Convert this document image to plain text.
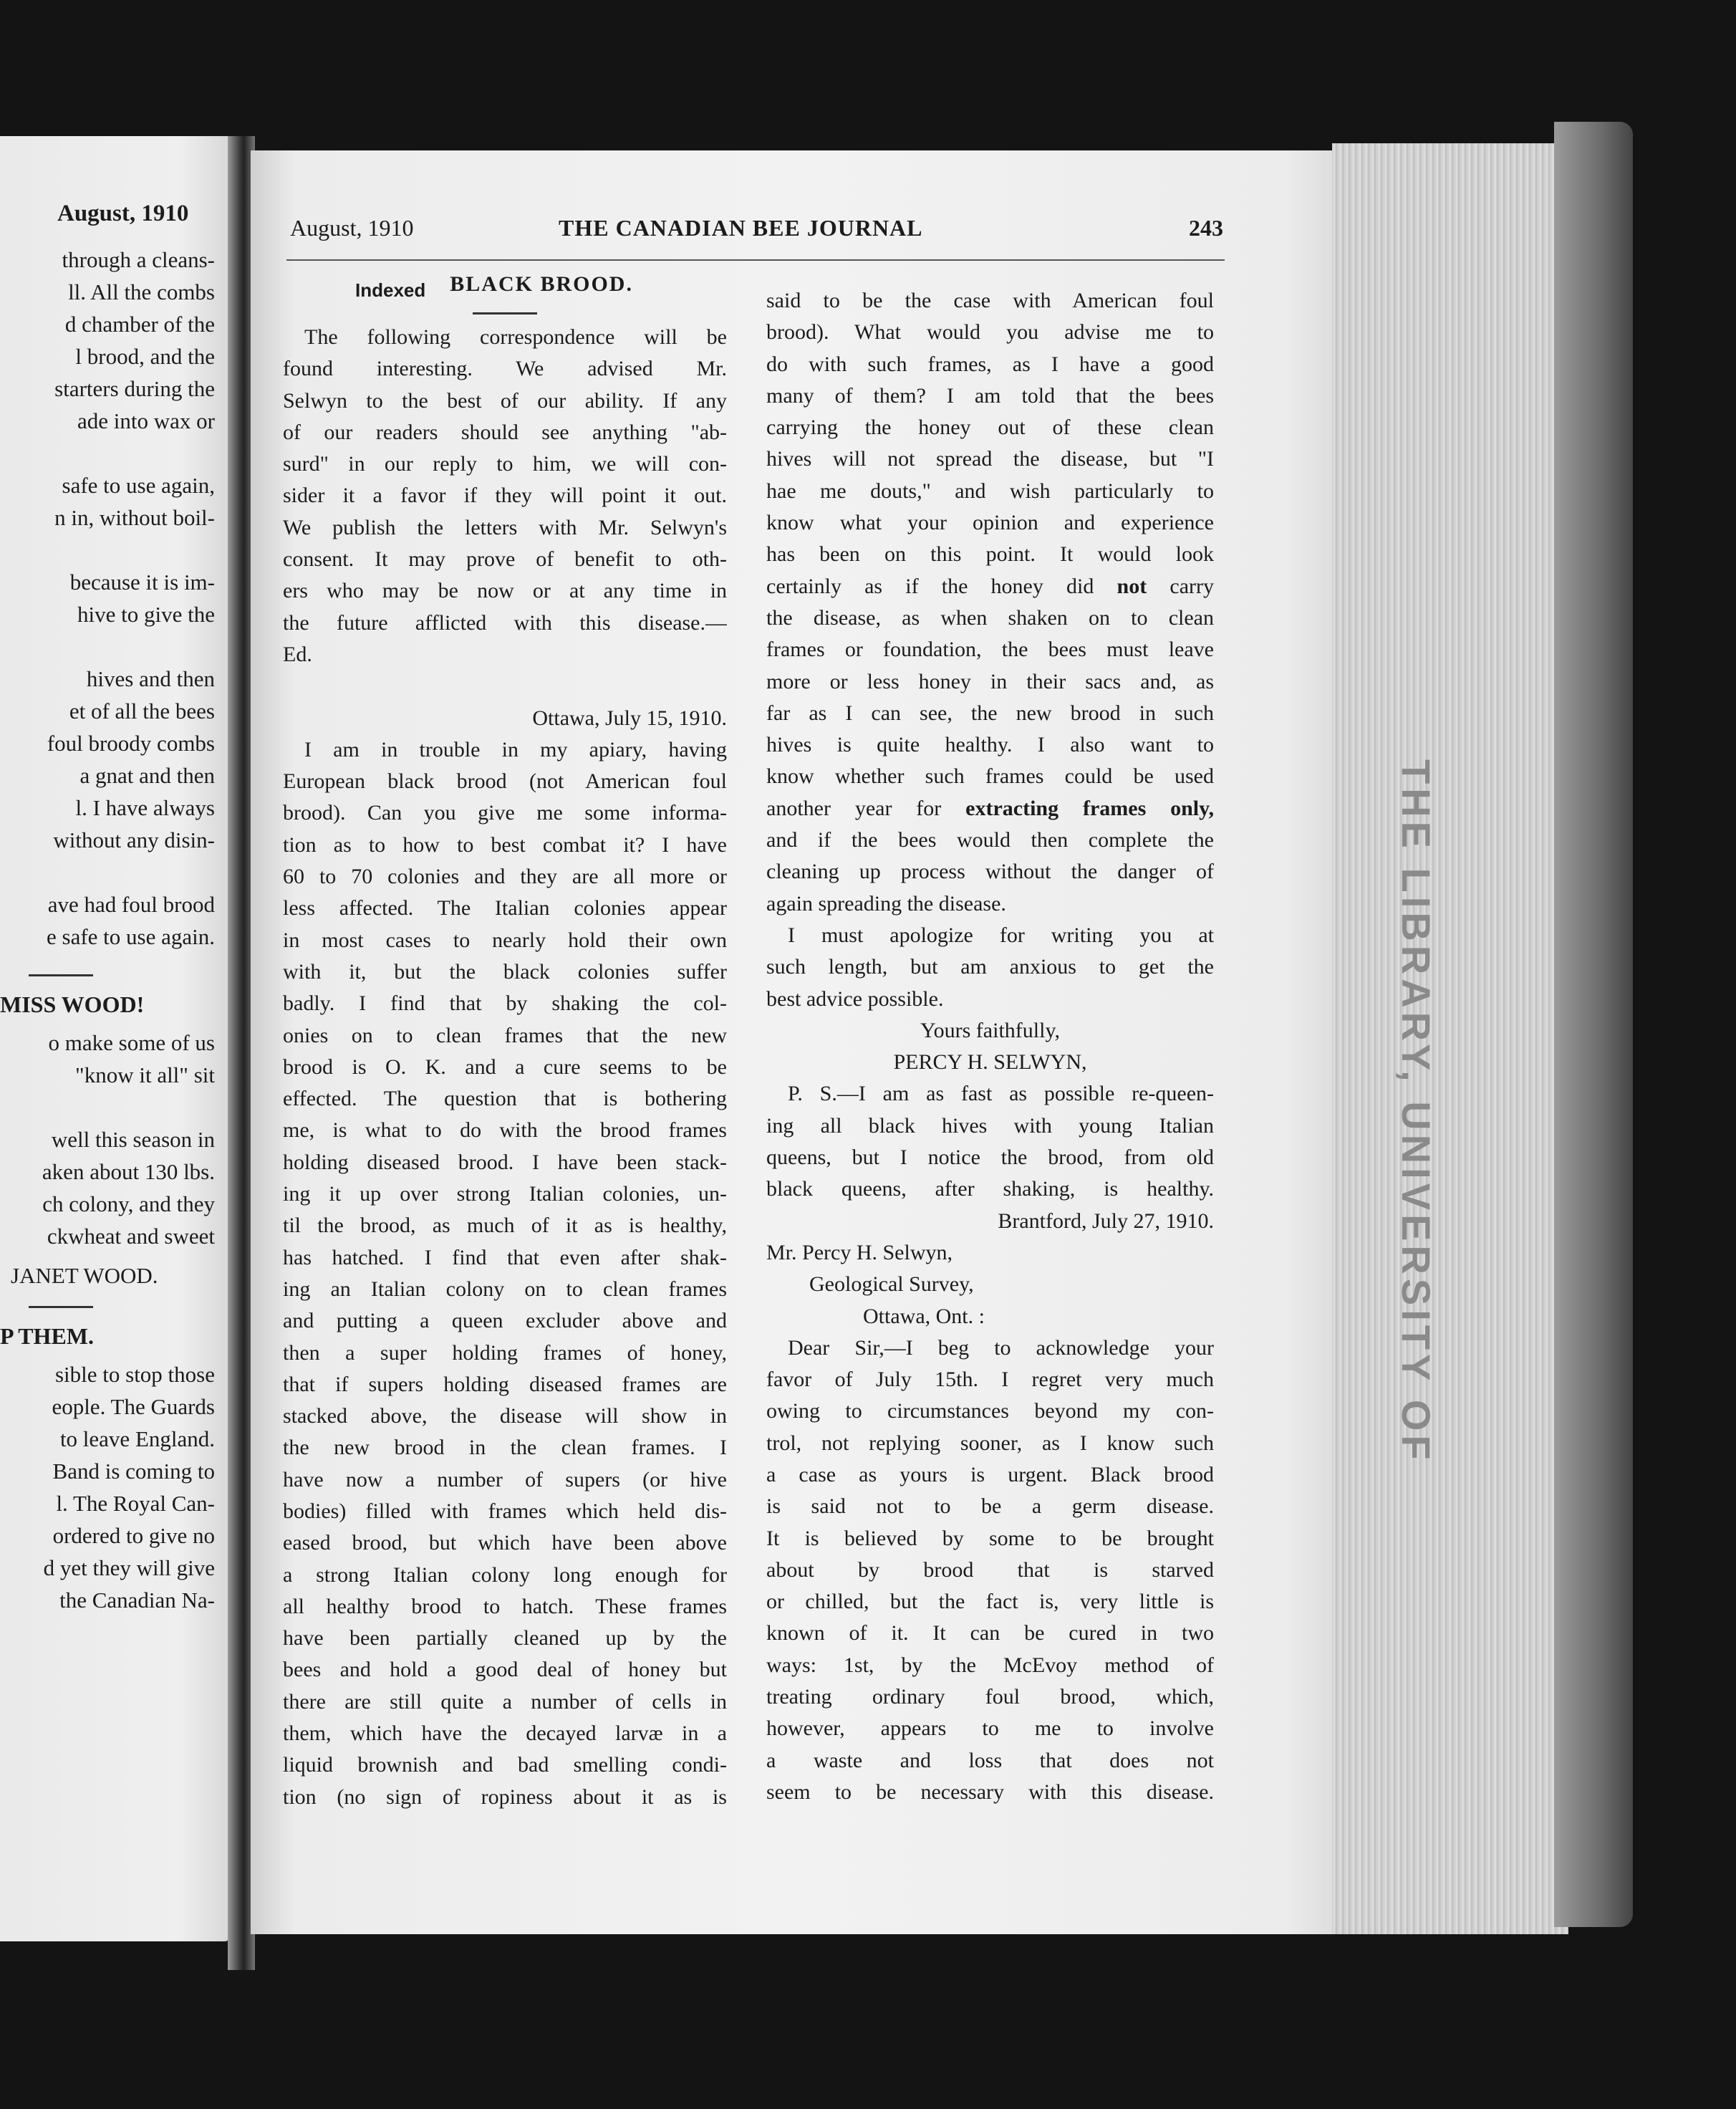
August, 1910
through a cleans-
ll. All the combs
d chamber of the
l brood, and the
starters during the
ade into wax or
safe to use again,
n in, without boil-
because it is im-
hive to give the
hives and then
et of all the bees
foul broody combs
a gnat and then
l. I have always
without any disin-
ave had foul brood
e safe to use again.
MISS WOOD!
o make some of us
"know it all" sit
well this season in
aken about 130 lbs.
ch colony, and they
ckwheat and sweet
JANET WOOD.
P THEM.
sible to stop those
eople. The Guards
to leave England.
Band is coming to
l. The Royal Can-
ordered to give no
d yet they will give
the Canadian Na-
August, 1910	THE CANADIAN BEE JOURNAL	243
Indexed BLACK BROOD.
The following correspondence will be
found interesting. We advised Mr.
Selwyn to the best of our ability. If any
of our readers should see anything "ab-
surd" in our reply to him, we will con-
sider it a favor if they will point it out.
We publish the letters with Mr. Selwyn's
consent. It may prove of benefit to oth-
ers who may be now or at any time in
the future afflicted with this disease.—
Ed.
Ottawa, July 15, 1910.
I am in trouble in my apiary, having
European black brood (not American foul
brood). Can you give me some informa-
tion as to how to best combat it? I have
60 to 70 colonies and they are all more or
less affected. The Italian colonies appear
in most cases to nearly hold their own
with it, but the black colonies suffer
badly. I find that by shaking the col-
onies on to clean frames that the new
brood is O. K. and a cure seems to be
effected. The question that is bothering
me, is what to do with the brood frames
holding diseased brood. I have been stack-
ing it up over strong Italian colonies, un-
til the brood, as much of it as is healthy,
has hatched. I find that even after shak-
ing an Italian colony on to clean frames
and putting a queen excluder above and
then a super holding frames of honey,
that if supers holding diseased frames are
stacked above, the disease will show in
the new brood in the clean frames. I
have now a number of supers (or hive
bodies) filled with frames which held dis-
eased brood, but which have been above
a strong Italian colony long enough for
all healthy brood to hatch. These frames
have been partially cleaned up by the
bees and hold a good deal of honey but
there are still quite a number of cells in
them, which have the decayed larvæ in a
liquid brownish and bad smelling condi-
tion (no sign of ropiness about it as is
said to be the case with American foul
brood). What would you advise me to
do with such frames, as I have a good
many of them? I am told that the bees
carrying the honey out of these clean
hives will not spread the disease, but "I
hae me douts," and wish particularly to
know what your opinion and experience
has been on this point. It would look
certainly as if the honey did not carry
the disease, as when shaken on to clean
frames or foundation, the bees must leave
more or less honey in their sacs and, as
far as I can see, the new brood in such
hives is quite healthy. I also want to
know whether such frames could be used
another year for extracting frames only,
and if the bees would then complete the
cleaning up process without the danger of
again spreading the disease.
I must apologize for writing you at
such length, but am anxious to get the
best advice possible.
Yours faithfully,
PERCY H. SELWYN,
P. S.—I am as fast as possible re-queen-
ing all black hives with young Italian
queens, but I notice the brood, from old
black queens, after shaking, is healthy.
Brantford, July 27, 1910.
Mr. Percy H. Selwyn,
Geological Survey,
Ottawa, Ont. :
Dear Sir,—I beg to acknowledge your
favor of July 15th. I regret very much
owing to circumstances beyond my con-
trol, not replying sooner, as I know such
a case as yours is urgent. Black brood
is said not to be a germ disease.
It is believed by some to be brought
about by brood that is starved
or chilled, but the fact is, very little is
known of it. It can be cured in two
ways: 1st, by the McEvoy method of
treating ordinary foul brood, which,
however, appears to me to involve
a waste and loss that does not
seem to be necessary with this disease.
